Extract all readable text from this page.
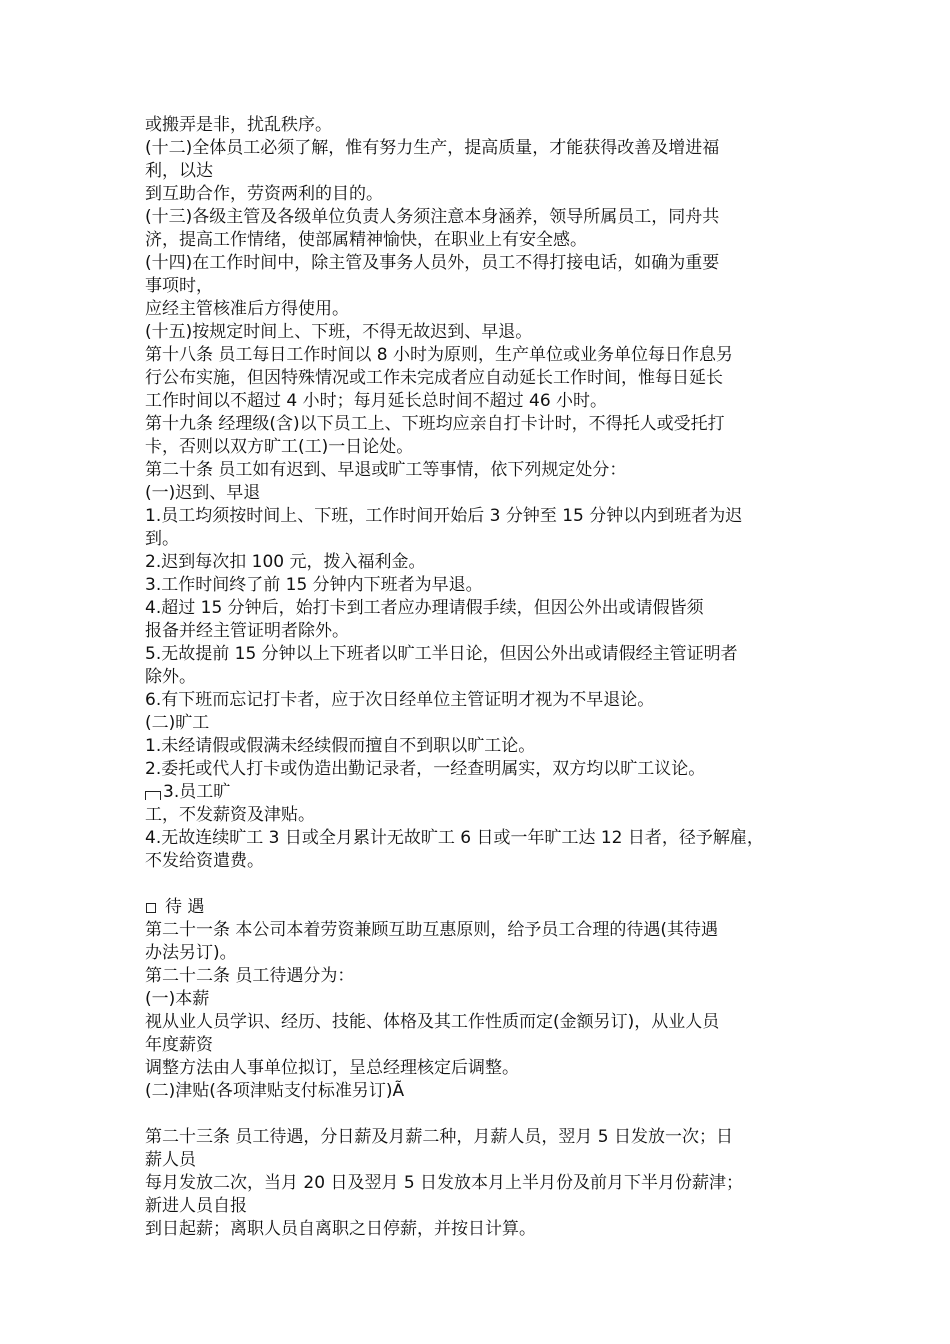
或搬弄是非，扰乱秩序。
(十二)全体员工必须了解，惟有努力生产，提高质量，才能获得改善及增进福
利，以达
到互助合作，劳资两利的目的。
(十三)各级主管及各级单位负责人务须注意本身涵养，领导所属员工，同舟共
济，提高工作情绪，使部属精神愉快，在职业上有安全感。
(十四)在工作时间中，除主管及事务人员外，员工不得打接电话，如确为重要
事项时，
应经主管核准后方得使用。
(十五)按规定时间上、下班，不得无故迟到、早退。
第十八条 员工每日工作时间以 8 小时为原则，生产单位或业务单位每日作息另
行公布实施，但因特殊情况或工作未完成者应自动延长工作时间，惟每日延长
工作时间以不超过 4 小时；每月延长总时间不超过 46 小时。
第十九条 经理级(含)以下员工上、下班均应亲自打卡计时，不得托人或受托打
卡，否则以双方旷工(工)一日论处。
第二十条 员工如有迟到、早退或旷工等事情，依下列规定处分：
(一)迟到、早退
1.员工均须按时间上、下班，工作时间开始后 3 分钟至 15 分钟以内到班者为迟
到。
2.迟到每次扣 100 元，拨入福利金。
3.工作时间终了前 15 分钟内下班者为早退。
4.超过 15 分钟后，始打卡到工者应办理请假手续，但因公外出或请假皆须
报备并经主管证明者除外。
5.无故提前 15 分钟以上下班者以旷工半日论，但因公外出或请假经主管证明者
除外。
6.有下班而忘记打卡者，应于次日经单位主管证明才视为不早退论。
(二)旷工
1.未经请假或假满未经续假而擅自不到职以旷工论。
2.委托或代人打卡或伪造出勤记录者，一经查明属实，双方均以旷工议论。
3.员工旷
工，不发薪资及津贴。
4.无故连续旷工 3 日或全月累计无故旷工 6 日或一年旷工达 12 日者，径予解雇，
不发给资遣费。
待 遇
第二十一条 本公司本着劳资兼顾互助互惠原则，给予员工合理的待遇(其待遇
办法另订)。
第二十二条 员工待遇分为：
(一)本薪
视从业人员学识、经历、技能、体格及其工作性质而定(金额另订)，从业人员
年度薪资
调整方法由人事单位拟订，呈总经理核定后调整。
(二)津贴(各项津贴支付标准另订)Ã
第二十三条 员工待遇，分日薪及月薪二种，月薪人员，翌月 5 日发放一次；日
薪人员
每月发放二次，当月 20 日及翌月 5 日发放本月上半月份及前月下半月份薪津；
新进人员自报
到日起薪；离职人员自离职之日停薪，并按日计算。
